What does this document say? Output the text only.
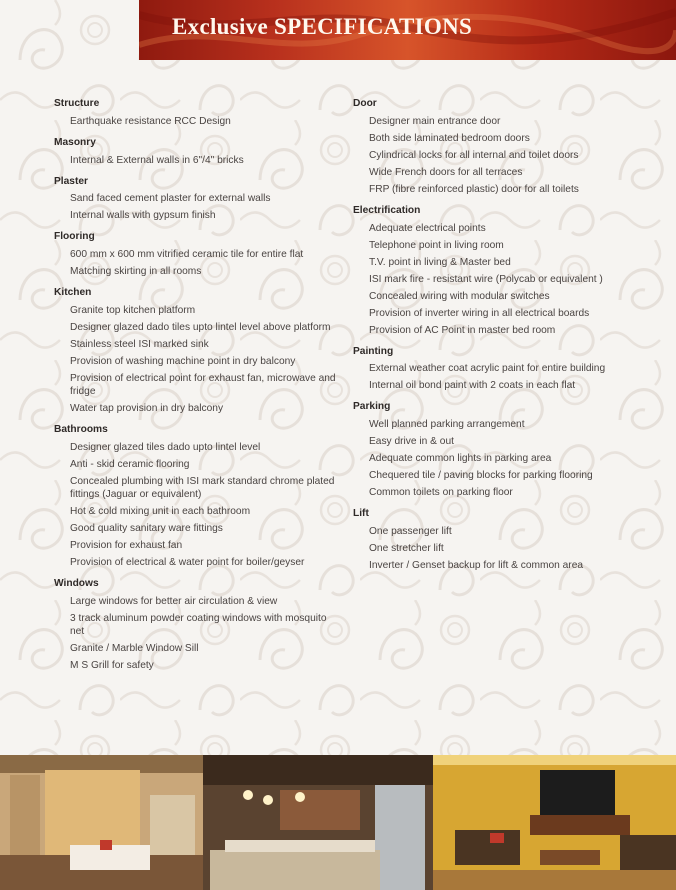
Exclusive SPECIFICATIONS
Structure
Earthquake resistance RCC Design
Masonry
Internal & External walls in 6"/4" bricks
Plaster
Sand faced cement plaster for external walls
Internal walls with gypsum finish
Flooring
600 mm x 600 mm vitrified ceramic tile for entire flat
Matching skirting in all rooms
Kitchen
Granite top kitchen platform
Designer glazed dado tiles upto lintel level above platform
Stainless steel ISI marked sink
Provision of washing machine point in dry balcony
Provision of electrical point for exhaust fan, microwave and fridge
Water tap provision in dry balcony
Bathrooms
Designer glazed tiles dado upto lintel level
Anti - skid ceramic flooring
Concealed plumbing with ISI mark standard chrome plated fittings (Jaguar or equivalent)
Hot & cold mixing unit in each bathroom
Good quality sanitary ware fittings
Provision for exhaust fan
Provision of electrical & water point for boiler/geyser
Windows
Large windows for better air circulation & view
3 track aluminum powder coating windows with mosquito net
Granite / Marble Window Sill
M S Grill for safety
Door
Designer main entrance door
Both side laminated bedroom doors
Cylindrical locks for all internal and toilet doors
Wide French doors for all terraces
FRP (fibre reinforced plastic) door for all toilets
Electrification
Adequate electrical points
Telephone point in living room
T.V. point in living & Master bed
ISI mark fire - resistant wire (Polycab or equivalent )
Concealed wiring with modular switches
Provision of inverter wiring in all electrical boards
Provision of AC Point in master bed room
Painting
External weather coat acrylic paint for entire building
Internal oil bond paint with 2 coats in each flat
Parking
Well planned parking arrangement
Easy drive in & out
Adequate common lights in parking area
Chequered tile / paving blocks for parking flooring
Common toilets on parking floor
Lift
One passenger lift
One stretcher lift
Inverter / Genset backup for lift & common area
